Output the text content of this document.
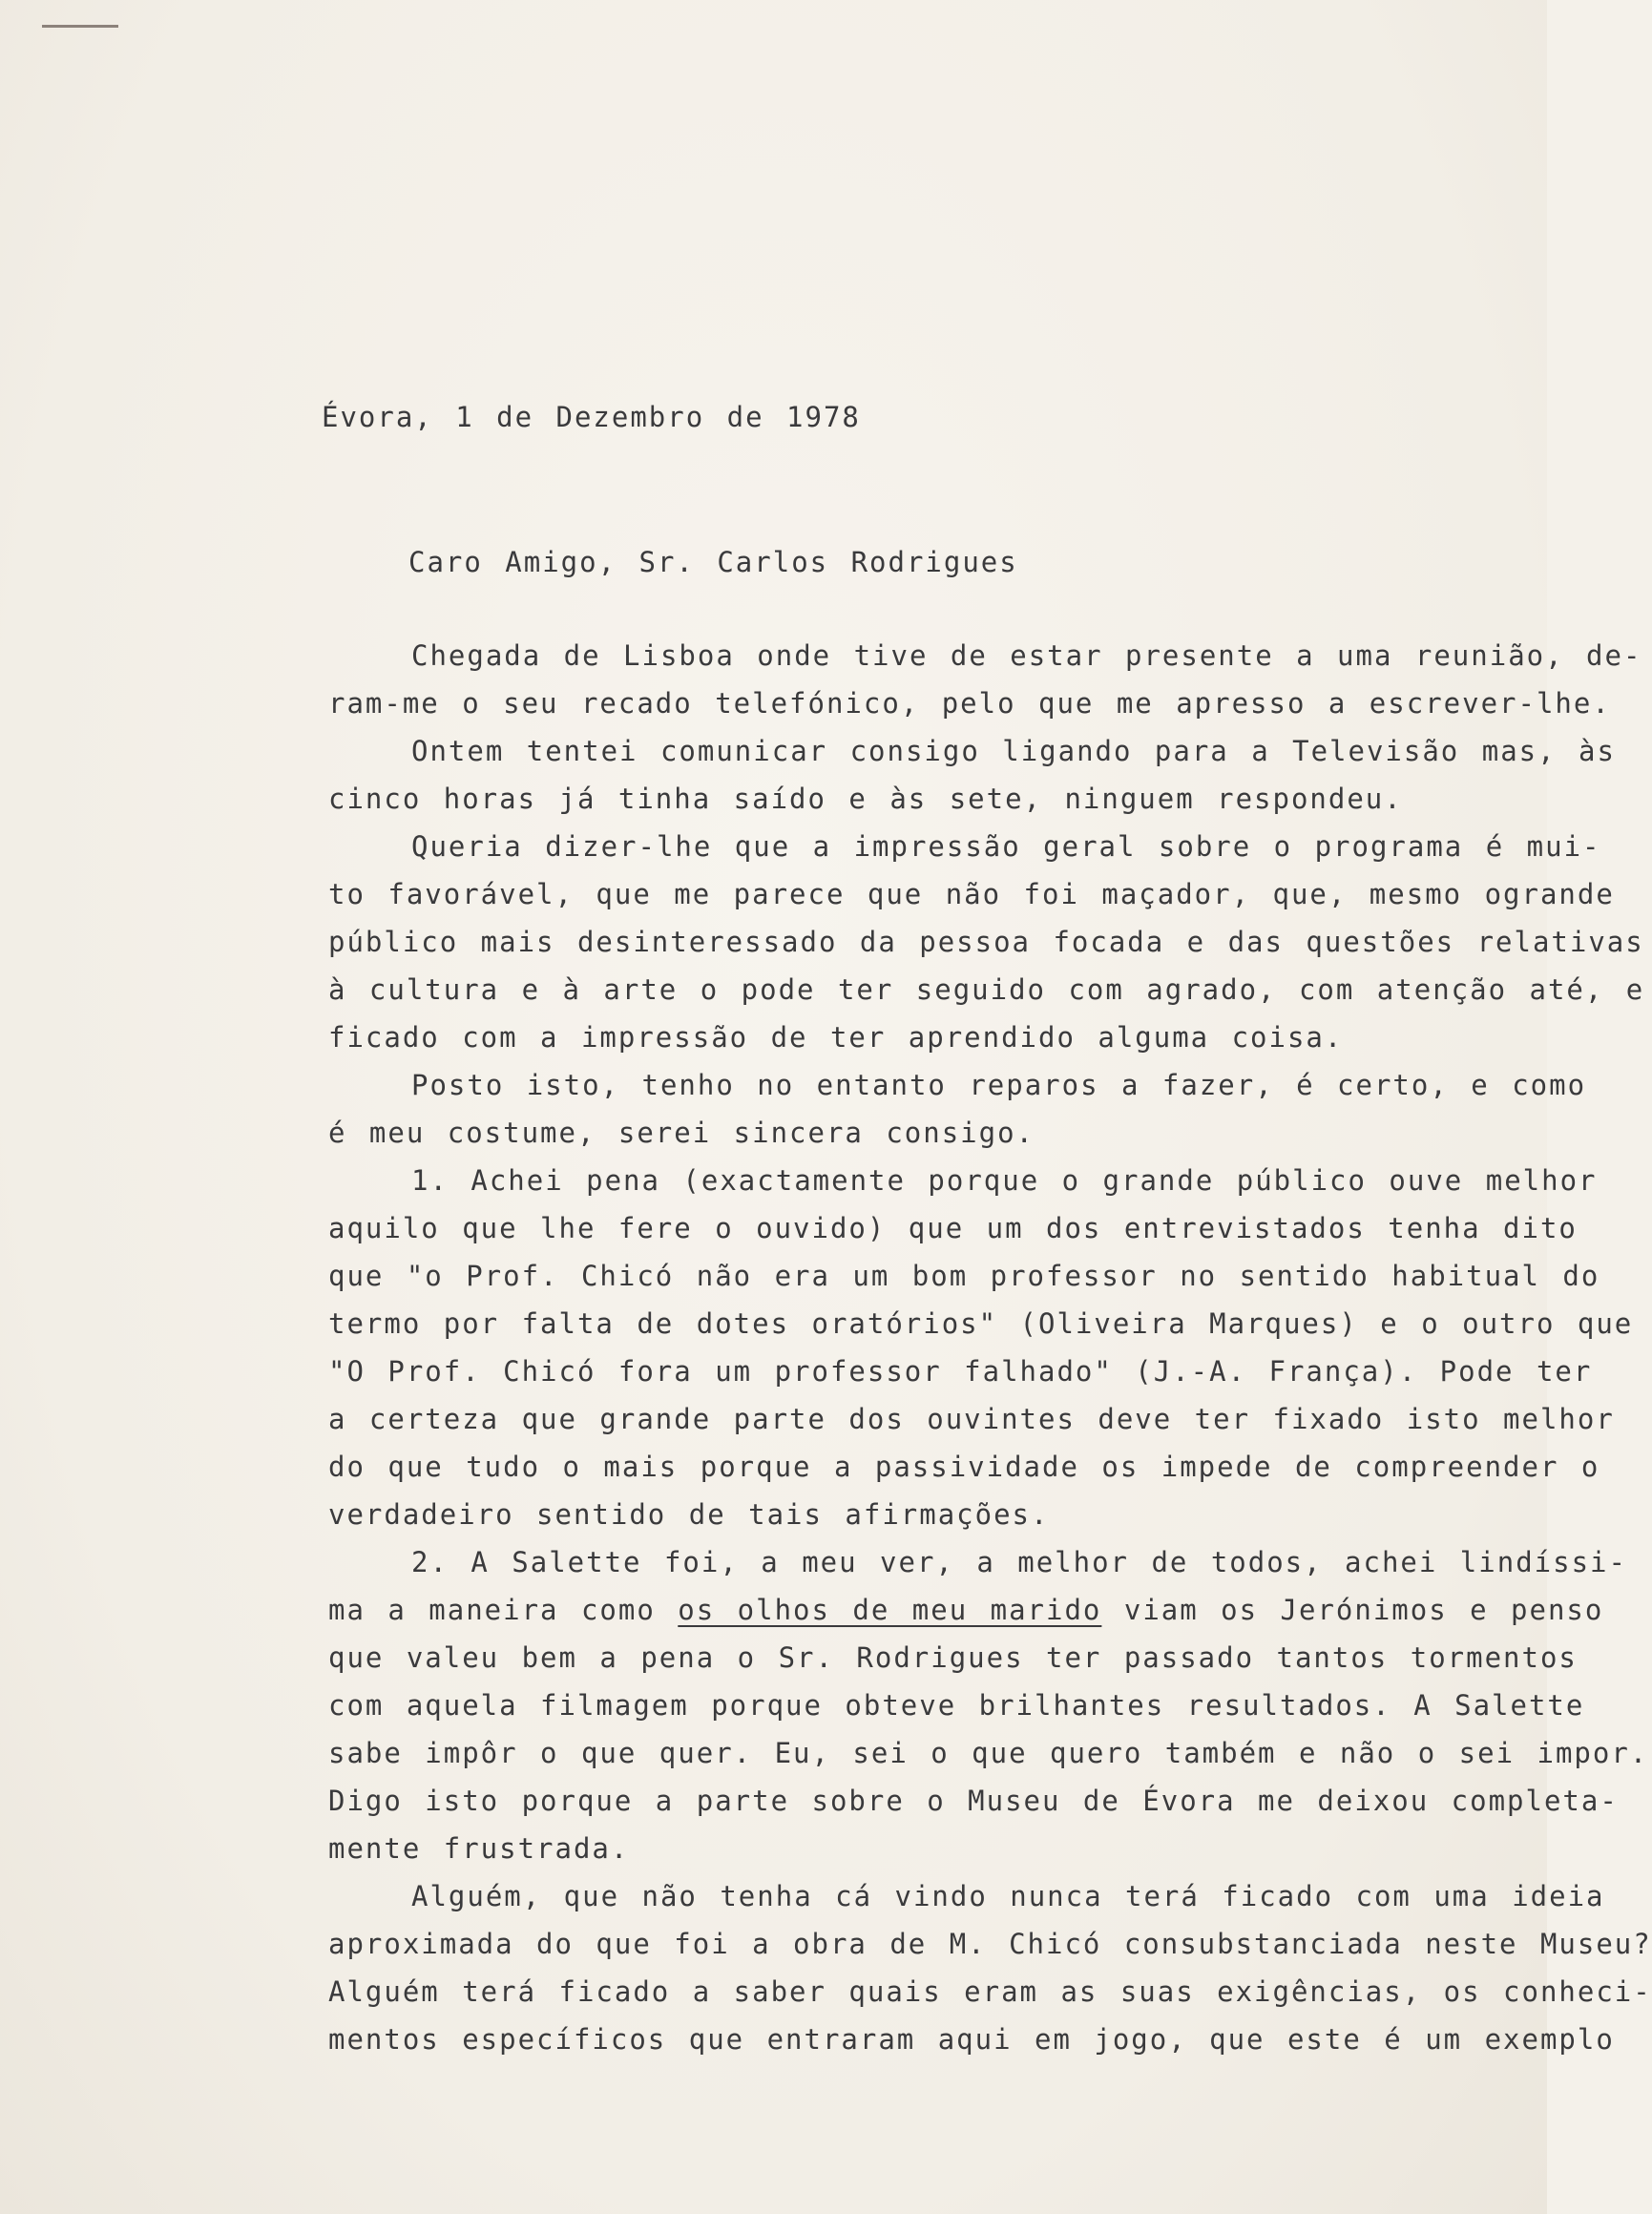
Évora, 1 de Dezembro de 1978
Caro Amigo, Sr. Carlos Rodrigues
Chegada de Lisboa onde tive de estar presente a uma reunião, de-
ram-me o seu recado telefónico, pelo que me apresso a escrever-lhe.
Ontem tentei comunicar consigo ligando para a Televisão mas, às
cinco horas já tinha saído e às sete, ninguem respondeu.
Queria dizer-lhe que a impressão geral sobre o programa é mui-
to favorável, que me parece que não foi maçador, que, mesmo ogrande
público mais desinteressado da pessoa focada e das questões relativas
à cultura e à arte o pode ter seguido com agrado, com atenção até, e
ficado com a impressão de ter aprendido alguma coisa.
Posto isto, tenho no entanto reparos a fazer, é certo, e como
é meu costume, serei sincera consigo.
1. Achei pena (exactamente porque o grande público ouve melhor
aquilo que lhe fere o ouvido) que um dos entrevistados tenha dito
que "o Prof. Chicó não era um bom professor no sentido habitual do
termo por falta de dotes oratórios" (Oliveira Marques) e o outro que
"O Prof. Chicó fora um professor falhado" (J.-A. França). Pode ter
a certeza que grande parte dos ouvintes deve ter fixado isto melhor
do que tudo o mais porque a passividade os impede de compreender o
verdadeiro sentido de tais afirmações.
2. A Salette foi, a meu ver, a melhor de todos, achei lindíssi-
ma a maneira como os olhos de meu marido viam os Jerónimos e penso
que valeu bem a pena o Sr. Rodrigues ter passado tantos tormentos
com aquela filmagem porque obteve brilhantes resultados. A Salette
sabe impôr o que quer. Eu, sei o que quero também e não o sei impor.
Digo isto porque a parte sobre o Museu de Évora me deixou completa-
mente frustrada.
Alguém, que não tenha cá vindo nunca terá ficado com uma ideia
aproximada do que foi a obra de M. Chicó consubstanciada neste Museu?
Alguém terá ficado a saber quais eram as suas exigências, os conheci-
mentos específicos que entraram aqui em jogo, que este é um exemplo
